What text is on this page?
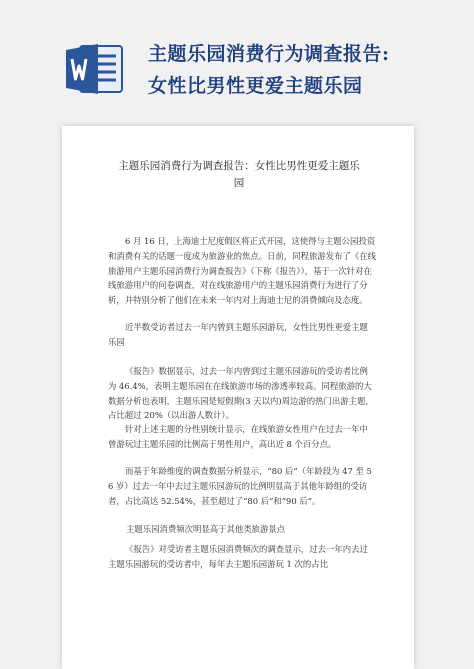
主题乐园消费行为调查报告:
女性比男性更爱主题乐园
主题乐园消费行为调查报告：女性比男性更爱主题乐园

6 月 16 日，上海迪士尼度假区将正式开园，这使得与主题公园投资和消费有关的话题一度成为旅游业的焦点。日前，同程旅游发布了《在线旅游用户主题乐园消费行为调查报告》（下称《报告》），基于一次针对在线旅游用户的问卷调查，对在线旅游用户的主题乐园消费行为进行了分析，并特别分析了他们在未来一年内对上海迪士尼的消费倾向及态度。

近半数受访者过去一年内曾到主题乐园游玩，女性比男性更爱主题乐园

《报告》数据显示，过去一年内曾到过主题乐园游玩的受访者比例为 46.4%，表明主题乐园在在线旅游市场的渗透率较高。同程旅游的大数据分析也表明，主题乐园是短假期(3 天以内)周边游的热门出游主题，占比超过 20%（以出游人数计）。

针对上述主题的分性别统计显示，在线旅游女性用户在过去一年中曾游玩过主题乐园的比例高于男性用户，高出近 8 个百分点。

而基于年龄维度的调查数据分析显示，“80 后”（年龄段为 47 至 56 岁）过去一年中去过主题乐园游玩的比例明显高于其他年龄组的受访者，占比高达 52.54%，甚至超过了“80 后”和“90 后”。

主题乐园消费频次明显高于其他类旅游景点

《报告》对受访者主题乐园消费频次的调查显示，过去一年内去过主题乐园游玩的受访者中，每年去主题乐园游玩 1 次的占比
